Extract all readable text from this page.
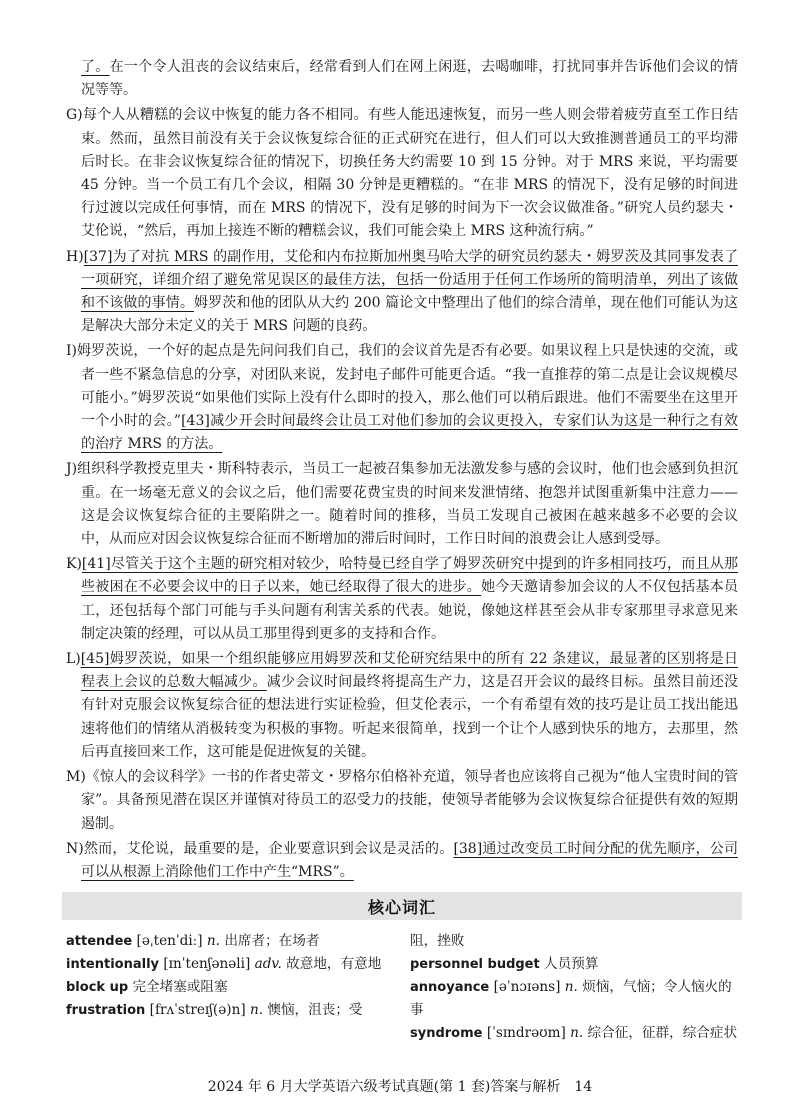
了。在一个令人沮丧的会议结束后，经常看到人们在网上闲逛，去喝咖啡，打扰同事并告诉他们会议的情况等等。

G)每个人从糟糕的会议中恢复的能力各不相同。有些人能迅速恢复，而另一些人则会带着疲劳直至工作日结束。然而，虽然目前没有关于会议恢复综合征的正式研究在进行，但人们可以大致推测普通员工的平均滞后时长。在非会议恢复综合征的情况下，切换任务大约需要 10 到 15 分钟。对于 MRS 来说，平均需要 45 分钟。当一个员工有几个会议，相隔 30 分钟是更糟糕的。“在非 MRS 的情况下，没有足够的时间进行过渡以完成任何事情，而在 MRS 的情况下，没有足够的时间为下一次会议做准备。”研究人员约瑟夫・艾伦说，“然后，再加上接连不断的糟糕会议，我们可能会染上 MRS 这种流行病。”

H)[37]为了对抗 MRS 的副作用，艾伦和内布拉斯加州奥马哈大学的研究员约瑟夫・姆罗茨及其同事发表了一项研究，详细介绍了避免常见误区的最佳方法，包括一份适用于任何工作场所的简明清单，列出了该做和不该做的事情。姆罗茨和他的团队从大约 200 篇论文中整理出了他们的综合清单，现在他们可能认为这是解决大部分未定义的关于 MRS 问题的良药。

I)姆罗茨说，一个好的起点是先问问我们自己，我们的会议首先是否有必要。如果议程上只是快速的交流，或者一些不紧急信息的分享，对团队来说，发封电子邮件可能更合适。“我一直推荐的第二点是让会议规模尽可能小。”姆罗茨说“如果他们实际上没有什么即时的投入，那么他们可以稍后跟进。他们不需要坐在这里开一个小时的会。”[43]减少开会时间最终会让员工对他们参加的会议更投入，专家们认为这是一种行之有效的治疗 MRS 的方法。

J)组织科学教授克里夫・斯科特表示，当员工一起被召集参加无法激发参与感的会议时，他们也会感到负担沉重。在一场毫无意义的会议之后，他们需要花费宝贵的时间来发泄情绪、抱怨并试图重新集中注意力——这是会议恢复综合征的主要陷阱之一。随着时间的推移，当员工发现自己被困在越来越多不必要的会议中，从而应对因会议恢复综合征而不断增加的滞后时间时，工作日时间的浪费会让人感到受辱。

K)[41]尽管关于这个主题的研究相对较少，哈特曼已经自学了姆罗茨研究中提到的许多相同技巧，而且从那些被困在不必要会议中的日子以来，她已经取得了很大的进步。她今天邀请参加会议的人不仅包括基本员工，还包括每个部门可能与手头问题有利害关系的代表。她说，像她这样甚至会从非专家那里寻求意见来制定决策的经理，可以从员工那里得到更多的支持和合作。

L)[45]姆罗茨说，如果一个组织能够应用姆罗茨和艾伦研究结果中的所有 22 条建议，最显著的区别将是日程表上会议的总数大幅减少。减少会议时间最终将提高生产力，这是召开会议的最终目标。虽然目前还没有针对克服会议恢复综合征的想法进行实证检验，但艾伦表示，一个有希望有效的技巧是让员工找出能迅速将他们的情绪从消极转变为积极的事物。听起来很简单，找到一个让个人感到快乐的地方，去那里，然后再直接回来工作，这可能是促进恢复的关键。

M)《惊人的会议科学》一书的作者史蒂文・罗格尔伯格补充道，领导者也应该将自己视为“他人宝贵时间的管家”。具备预见潜在误区并谨慎对待员工的忍受力的技能，使领导者能够为会议恢复综合征提供有效的短期遏制。

N)然而，艾伦说，最重要的是，企业要意识到会议是灵活的。[38]通过改变员工时间分配的优先顺序，公司可以从根源上消除他们工作中产生“MRS”。

核心词汇
attendee [əˌtenˈdiː] n. 出席者；在场者
intentionally [ɪnˈtenʃənəli] adv. 故意地，有意地
block up 完全堵塞或阻塞
frustration [frʌˈstreɪʃ(ə)n] n. 懊恼，沮丧；受
阻，挫败
personnel budget 人员预算
annoyance [əˈnɔɪəns] n. 烦恼，气恼；令人恼火的事
syndrome [ˈsɪndrəʊm] n. 综合征，征群，综合症状
2024 年 6 月大学英语六级考试真题(第 1 套)答案与解析 14
